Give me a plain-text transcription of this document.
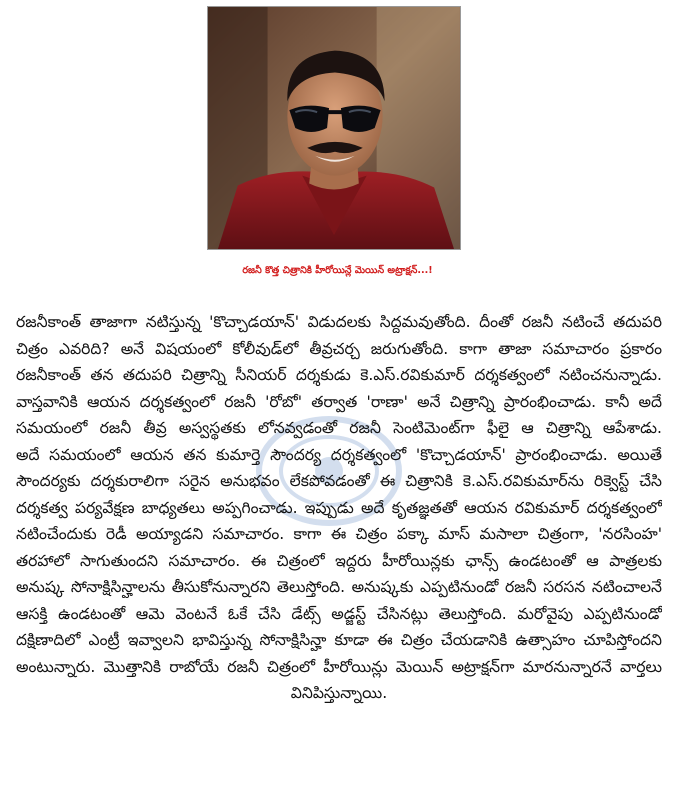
రజనీ కొత్త చిత్రానికి హీరోయిన్లే మెయిన్ అట్రాక్షన్...!
రజనీకాంత్ తాజాగా నటిస్తున్న 'కొచ్చాడయాన్' విడుదలకు సిద్దమవుతోంది. దీంతో రజనీ నటించే తదుపరి
చిత్రం ఎవరిది? అనే విషయంలో కోలీవుడ్‌లో తీవ్రచర్చ జరుగుతోంది. కాగా తాజా సమాచారం ప్రకారం
రజనీకాంత్ తన తదుపరి చిత్రాన్ని సీనియర్ దర్శకుడు కె.ఎస్.రవికుమార్ దర్శకత్వంలో నటించనున్నాడు.
వాస్తవానికి ఆయన దర్శకత్వంలో రజనీ 'రోబో' తర్వాత 'రాణా' అనే చిత్రాన్ని ప్రారంభించాడు. కానీ అదే
సమయంలో రజనీ తీవ్ర అస్వస్థతకు లోనవ్వడంతో రజనీ సెంటిమెంట్‌గా ఫీలై ఆ చిత్రాన్ని ఆపేశాడు.
అదే సమయంలో ఆయన తన కుమార్తె సౌందర్య దర్శకత్వంలో 'కొచ్చాడయాన్' ప్రారంభించాడు. అయితే
సౌందర్యకు దర్శకురాలిగా సరైన అనుభవం లేకపోవడంతో ఈ చిత్రానికి కె.ఎస్.రవికుమార్‌ను రిక్వెస్ట్ చేసి
దర్శకత్వ పర్యవేక్షణ బాధ్యతలు అప్పగించాడు. ఇప్పుడు అదే కృతజ్ఞతతో ఆయన రవికుమార్ దర్శకత్వంలో
నటించేందుకు రెడీ అయ్యాడని సమాచారం. కాగా ఈ చిత్రం పక్కా మాస్ మసాలా చిత్రంగా, 'నరసింహ'
తరహాలో సాగుతుందని సమాచారం. ఈ చిత్రంలో ఇద్దరు హీరోయిన్లకు ఛాన్స్ ఉండటంతో ఆ పాత్రలకు
అనుష్క సోనాక్షిసిన్హాలను తీసుకోనున్నారని తెలుస్తోంది. అనుష్కకు ఎప్పటినుండో రజనీ సరసన నటించాలనే
ఆసక్తి ఉండటంతో ఆమె వెంటనే ఓకే చేసి డేట్స్ అడ్జస్ట్ చేసినట్లు తెలుస్తోంది. మరోవైపు ఎప్పటినుండో
దక్షిణాదిలో ఎంట్రీ ఇవ్వాలని భావిస్తున్న సోనాక్షిసిన్హా కూడా ఈ చిత్రం చేయడానికి ఉత్సాహం చూపిస్తోందని
అంటున్నారు. మొత్తానికి రాబోయే రజనీ చిత్రంలో హీరోయిన్లు మెయిన్ అట్రాక్షన్‌గా మారనున్నారనే వార్తలు
వినిపిస్తున్నాయి.
